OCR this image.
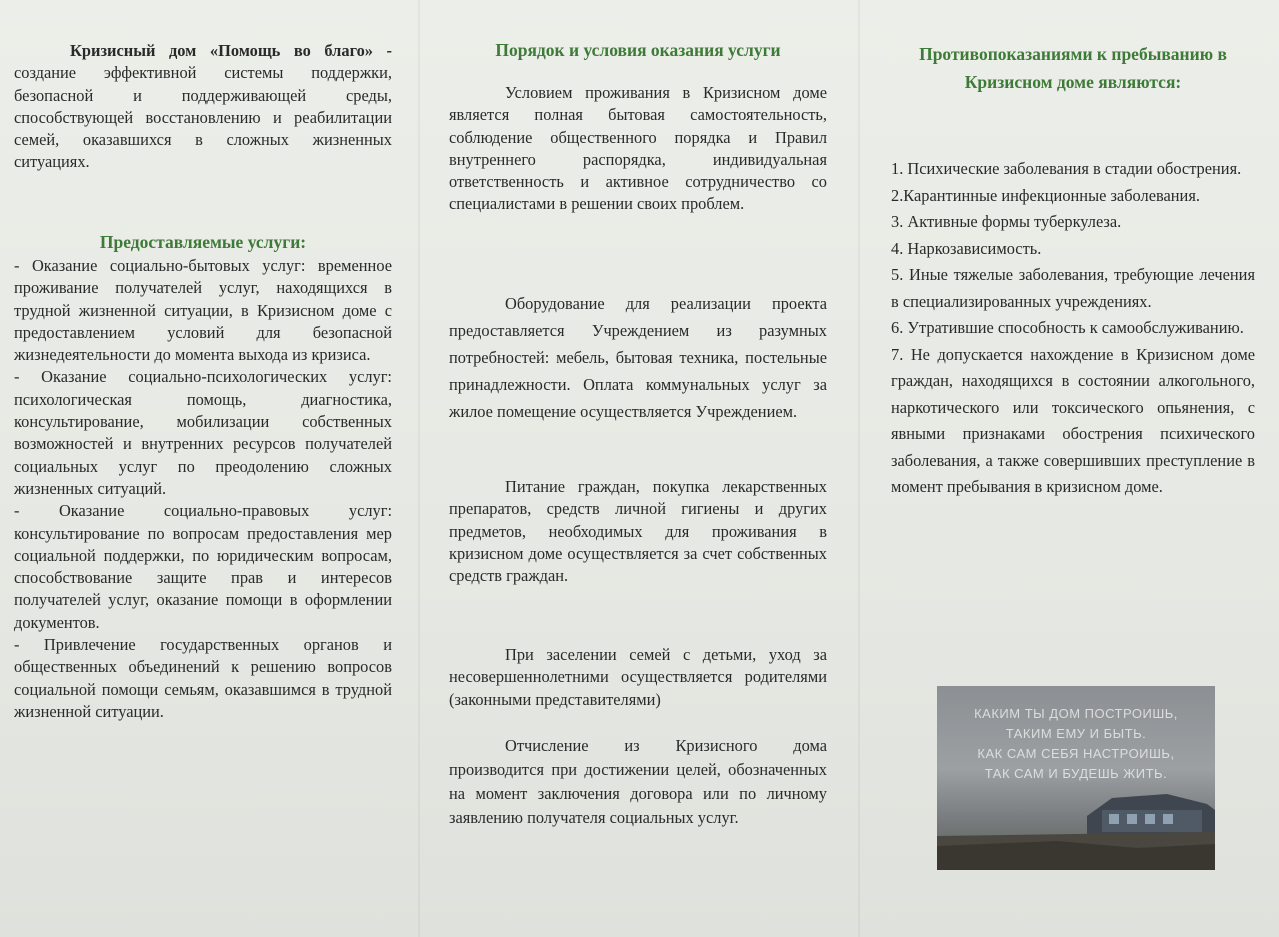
Кризисный дом «Помощь во благо» - создание эффективной системы поддержки, безопасной и поддерживающей среды, способствующей восстановлению и реабилитации семей, оказавшихся в сложных жизненных ситуациях.

Предоставляемые услуги:

- Оказание социально-бытовых услуг: временное проживание получателей услуг, находящихся в трудной жизненной ситуации, в Кризисном доме с предоставлением условий для безопасной жизнедеятельности до момента выхода из кризиса.

- Оказание социально-психологических услуг: психологическая помощь, диагностика, консультирование, мобилизации собственных возможностей и внутренних ресурсов получателей социальных услуг по преодолению сложных жизненных ситуаций.

- Оказание социально-правовых услуг: консультирование по вопросам предоставления мер социальной поддержки, по юридическим вопросам, способствование защите прав и интересов получателей услуг, оказание помощи в оформлении документов.

- Привлечение государственных органов и общественных объединений к решению вопросов социальной помощи семьям, оказавшимся в трудной жизненной ситуации.

Порядок и условия оказания услуги

Условием проживания в Кризисном доме является полная бытовая самостоятельность, соблюдение общественного порядка и Правил внутреннего распорядка, индивидуальная ответственность и активное сотрудничество со специалистами в решении своих проблем.

Оборудование для реализации проекта предоставляется Учреждением из разумных потребностей: мебель, бытовая техника, постельные принадлежности. Оплата коммунальных услуг за жилое помещение осуществляется Учреждением.

Питание граждан, покупка лекарственных препаратов, средств личной гигиены и других предметов, необходимых для проживания в кризисном доме осуществляется за счет собственных средств граждан.

При заселении семей с детьми, уход за несовершеннолетними осуществляется родителями (законными представителями)

Отчисление из Кризисного дома производится при достижении целей, обозначенных на момент заключения договора или по личному заявлению получателя социальных услуг.

Противопоказаниями к пребыванию в Кризисном доме являются:

1. Психические заболевания в стадии обострения.

2.Карантинные инфекционные заболевания.

3. Активные формы туберкулеза.

4. Наркозависимость.

5. Иные тяжелые заболевания, требующие лечения в специализированных учреждениях.

6. Утратившие способность к самообслуживанию.

7. Не допускается нахождение в Кризисном доме граждан, находящихся в состоянии алкогольного, наркотического или токсического опьянения, с явными признаками обострения психического заболевания, а также совершивших преступление в момент пребывания в кризисном доме.

КАКИМ ТЫ ДОМ ПОСТРОИШЬ,
ТАКИМ ЕМУ И БЫТЬ.
КАК САМ СЕБЯ НАСТРОИШЬ,
ТАК САМ И БУДЕШЬ ЖИТЬ.
